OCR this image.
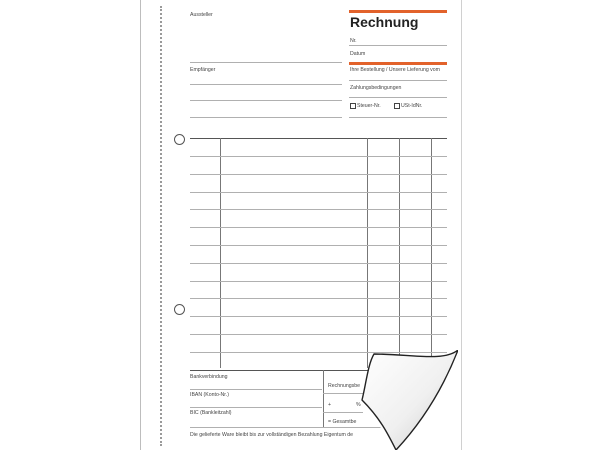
Aussteller	Rechnung
Nr.
Datum
Empfänger	Ihre Bestellung / Unsere Lieferung vom
Zahlungsbedingungen
Steuer-Nr.	USt-IdNr.
Bankverbindung
IBAN (Konto-Nr.)
BIC (Bankleitzahl)
Rechnungsbe
+	%
= Gesamtbe
Die gelieferte Ware bleibt bis zur vollständigen Bezahlung Eigentum de
